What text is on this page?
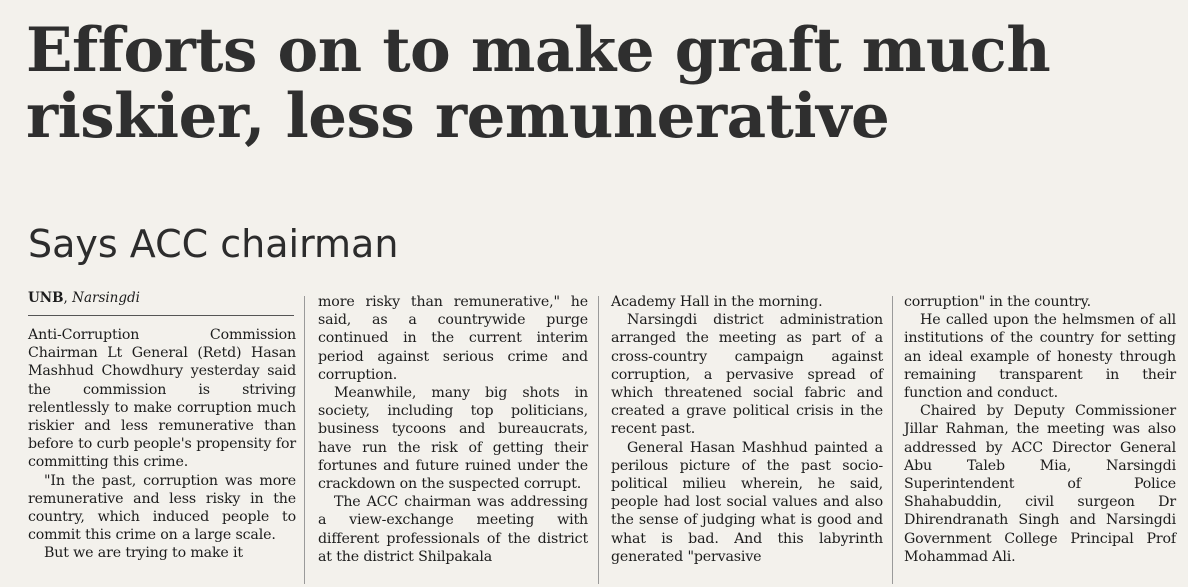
Efforts on to make graft much riskier, less remunerative
Says ACC chairman
UNB, Narsingdi

Anti-Corruption Commission Chairman Lt General (Retd) Hasan Mashhud Chowdhury yesterday said the commission is striving relentlessly to make corruption much riskier and less remunerative than before to curb people's propensity for committing this crime.

"In the past, corruption was more remunerative and less risky in the country, which induced people to commit this crime on a large scale.

But we are trying to make it

more risky than remunerative," he said, as a countrywide purge continued in the current interim period against serious crime and corruption.

Meanwhile, many big shots in society, including top politicians, business tycoons and bureaucrats, have run the risk of getting their fortunes and future ruined under the crackdown on the suspected corrupt.

The ACC chairman was addressing a view-exchange meeting with different professionals of the district at the district Shilpakala

Academy Hall in the morning.

Narsingdi district administration arranged the meeting as part of a cross-country campaign against corruption, a pervasive spread of which threatened social fabric and created a grave political crisis in the recent past.

General Hasan Mashhud painted a perilous picture of the past socio-political milieu wherein, he said, people had lost social values and also the sense of judging what is good and what is bad. And this labyrinth generated "pervasive

corruption" in the country.

He called upon the helmsmen of all institutions of the country for setting an ideal example of honesty through remaining transparent in their function and conduct.

Chaired by Deputy Commissioner Jillar Rahman, the meeting was also addressed by ACC Director General Abu Taleb Mia, Narsingdi Superintendent of Police Shahabuddin, civil surgeon Dr Dhirendranath Singh and Narsingdi Government College Principal Prof Mohammad Ali.
